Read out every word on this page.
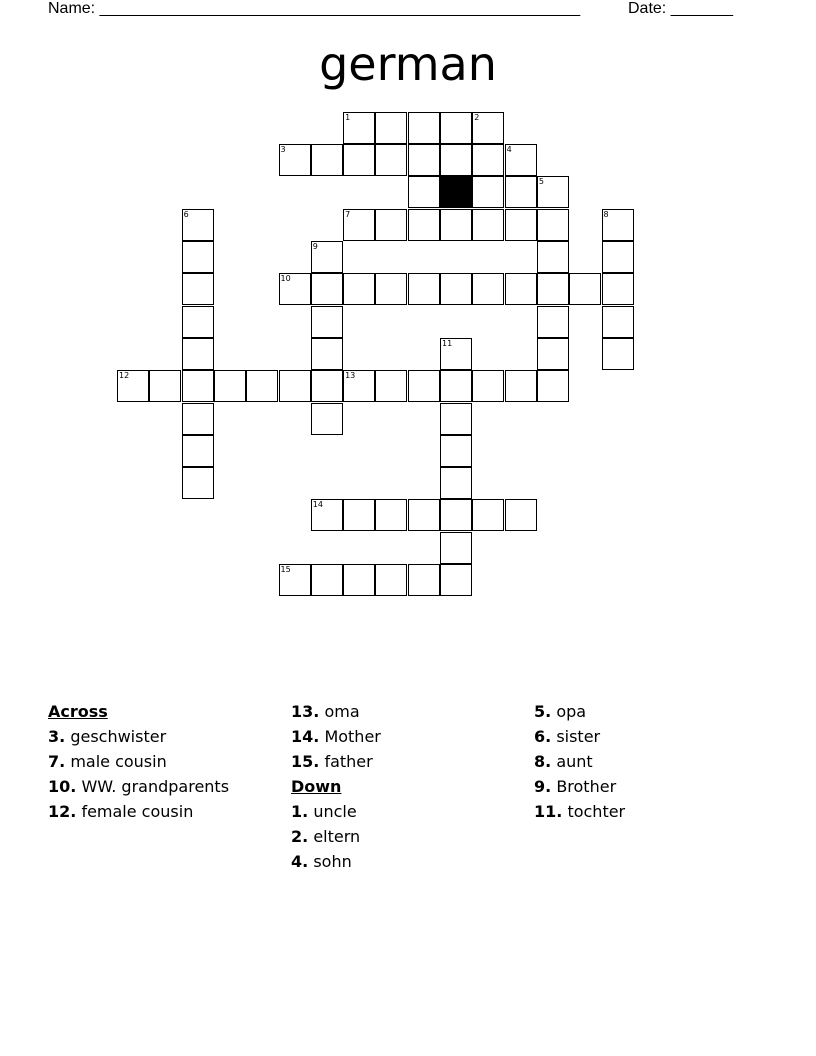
Name: ______________________________________________________	Date: _______
german
1	2
3	4
5
6	7	8
9
10
11
12	13
14
15
Across
3. geschwister
7. male cousin
10. WW. grandparents
12. female cousin
13. oma
14. Mother
15. father
Down
1. uncle
2. eltern
4. sohn
5. opa
6. sister
8. aunt
9. Brother
11. tochter
